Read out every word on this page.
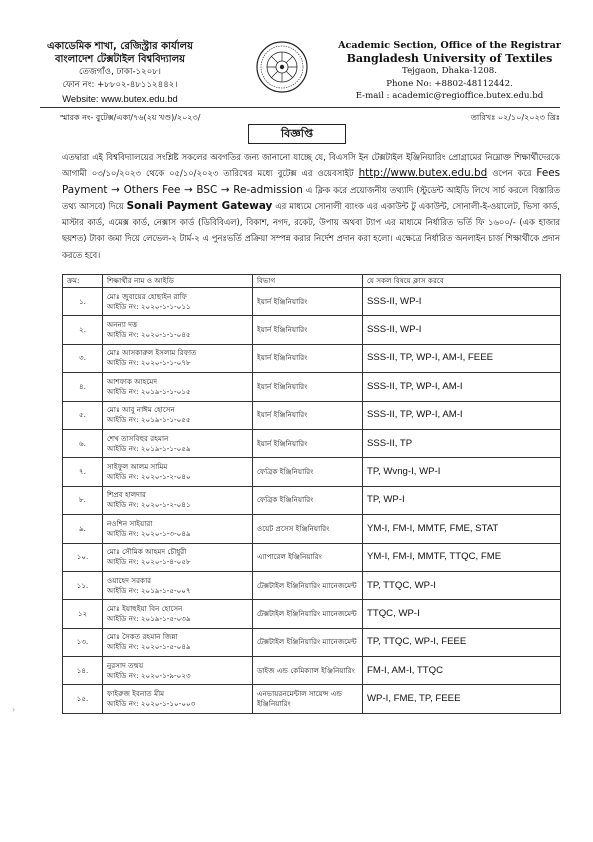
একাডেমিক শাখা, রেজিস্ট্রার কার্যালয়
বাংলাদেশ টেক্সটাইল বিশ্ববিদ্যালয়
তেজগাঁও, ঢাকা-১২০৮।
ফোন নং: +৮৮০২-৪৮১১২৪৪২।
Website: www.butex.edu.bd
Academic Section, Office of the Registrar
Bangladesh University of Textiles
Tejgaon, Dhaka-1208.
Phone No: +8802-48112442.
E-mail : academic@regioffice.butex.edu.bd
স্মারক নং- বুটেক্স/একা/৭৬(২য় খণ্ড)/২০২৩/	তারিখঃ ০২/১০/২০২৩ খ্রিঃ
বিজ্ঞপ্তি
এতদ্বারা এই বিশ্ববিদ্যালয়ের সংশ্লিষ্ট সকলের অবগতির জন্য জানানো যাচ্ছে যে, বিএসসি ইন টেক্সটাইল ইঞ্জিনিয়ারিং প্রোগ্রামের নিম্নোক্ত শিক্ষার্থীদেরকে আগামী ০৩/১০/২০২৩ থেকে ০৫/১০/২০২৩ তারিখের মধ্যে বুটেক্স এর ওয়েবসাইট http://www.butex.edu.bd ওপেন করে Fees Payment → Others Fee → BSC → Re-admission এ ক্লিক করে প্রয়োজনীয় তথ্যাদি (স্টুডেন্ট আইডি লিখে সার্চ করলে বিস্তারিত তথ্য আসবে) দিয়ে Sonali Payment Gateway এর মাধ্যমে সোনালী ব্যাংক এর একাউন্ট টু একাউন্ট, সোনালী-ই-ওয়ালেট, ভিসা কার্ড, মাস্টার কার্ড, এমেক্স কার্ড, নেক্সাস কার্ড (ডিবিবিএল), বিকাশ, নগদ, রকেট, উপায় অথবা ট্যাপ এর মাধ্যমে নির্ধারিত ভর্তি ফি ১৬০০/- (এক হাজার ছয়শত) টাকা জমা দিয়ে লেভেল-২ টার্ম-২ এ পুনঃভর্তি প্রক্রিয়া সম্পন্ন করার নির্দেশ প্রদান করা হলো। এক্ষেত্রে নির্ধারিত অনলাইন চার্জ শিক্ষার্থীকে প্রদান করতে হবে।
ক্রম:	শিক্ষার্থীর নাম ও আইডি	বিভাগ	যে সকল বিষয়ে ক্লাস করবে
১.	মোঃ জুবায়ের হোছাইন রাফি
আইডি নং: ২০২০-১-১-০১১	ইয়ার্ন ইঞ্জিনিয়ারিং	SSS-II, WP-I
২.	অনন্যা দত্ত
আইডি নং: ২০২০-১-১-০৪৫	ইয়ার্ন ইঞ্জিনিয়ারিং	SSS-II, WP-I
৩.	মোঃ আসকারুল ইসলাম রিফাত
আইডি নং: ২০২০-১-১-০৭৮	ইয়ার্ন ইঞ্জিনিয়ারিং	SSS-II, TP, WP-I, AM-I, FEEE
৪.	আশফাক আহমেদ
আইডি নং: ২০১৯-১-১-০১৫	ইয়ার্ন ইঞ্জিনিয়ারিং	SSS-II, TP, WP-I, AM-I
৫.	মোঃ আবু নাঈম হোসেন
আইডি নং: ২০১৯-১-১-০৫৫	ইয়ার্ন ইঞ্জিনিয়ারিং	SSS-II, TP, WP-I, AM-I
৬.	শেখ তাসবিহুর রহমান
আইডি নং: ২০১৯-১-১-০৫৯	ইয়ার্ন ইঞ্জিনিয়ারিং	SSS-II, TP
৭.	সাইফুল আলম সামিম
আইডি নং: ২০২০-১-২-০৪০	ফেব্রিক ইঞ্জিনিয়ারিং	TP, Wvng-I, WP-I
৮.	শিপ্রব হালদার
আইডি নং: ২০২০-১-২-০৪১	ফেব্রিক ইঞ্জিনিয়ারিং	TP, WP-I
৯.	নওশিন সাইয়ারা
আইডি নং: ২০২০-১-৩-০৪৯	ওয়েট প্রসেস ইঞ্জিনিয়ারিং	YM-I, FM-I, MMTF, FME, STAT
১০.	মোঃ সৌমিক আহমদ চৌধুরী
আইডি নং: ২০২০-১-৪-০৫৮	এ্যাপারেল ইঞ্জিনিয়ারিং	YM-I, FM-I, MMTF, TTQC, FME
১১.	ওয়াহেদ সরকার
আইডি নং: ২০১৯-১-৫-০০৭	টেক্সটাইল ইঞ্জিনিয়ারিং ম্যানেজমেন্ট	TP, TTQC, WP-I
১২	মোঃ ইয়াহুইয়া বিন হোসেন
আইডি নং: ২০১৯-১-৫-০৩৯	টেক্সটাইল ইঞ্জিনিয়ারিং ম্যানেজমেন্ট	TTQC, WP-I
১৩.	মোঃ সৈকত রহমান জিন্না
আইডি নং: ২০২০-১-৫-০৪৯	টেক্সটাইল ইঞ্জিনিয়ারিং ম্যানেজমেন্ট	TP, TTQC, WP-I, FEEE
১৪.	নুরসাদ তন্ময়
আইডি নং: ২০২০-১-৯-০২৩	ডাইজ এন্ড কেমিক্যাল ইঞ্জিনিয়ারিং	FM-I, AM-I, TTQC
১৫.	ফাইরুজ ইবনাত মীম
আইডি নং: ২০২০-১-১০-০০৩	এনভায়রনমেন্টাল সায়েন্স এন্ড ইঞ্জিনিয়ারিং	WP-I, FME, TP, FEEE
›
